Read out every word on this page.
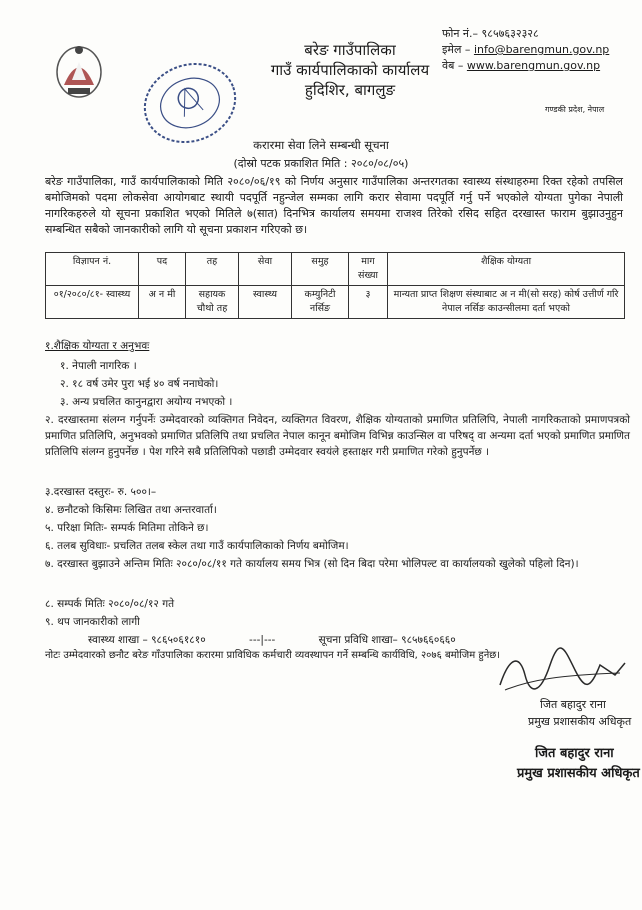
बरेङ गाउँपालिका
गाउँ कार्यपालिकाको कार्यालय
हुदिशिर, बागलुङ
फोन नं.– ९८५७६३२३२८
इमेल – info@barengmun.gov.np
वेब – www.barengmun.gov.np
गण्डकी प्रदेश, नेपाल
करारमा सेवा लिने सम्बन्धी सूचना
(दोस्रो पटक प्रकाशित मिति : २०८०/०८/०५)
बरेङ गाउँपालिका, गाउँ कार्यपालिकाको मिति २०८०/०६/१९ को निर्णय अनुसार गाउँपालिका अन्तरगतका स्वास्थ्य संस्थाहरुमा रिक्त रहेको तपसिल बमोजिमको पदमा लोकसेवा आयोगबाट स्थायी पदपूर्ति नहुन्जेल सम्मका लागि करार सेवामा पदपूर्ति गर्नु पर्ने भएकोले योग्यता पुगेका नेपाली नागरिकहरुले यो सूचना प्रकाशित भएको मितिले ७(सात) दिनभित्र कार्यालय समयमा राजश्व तिरेको रसिद सहित दरखास्त फाराम बुझाउनुहुन सम्बन्धित सबैको जानकारीको लागि यो सूचना प्रकाशन गरिएको छ।
विज्ञापन नं.	पद	तह	सेवा	समुह	माग संख्या	शैक्षिक योग्यता
०१/२०८०/८१- स्वास्थ्य	अ न मी	सहायक चौथो तह	स्वास्थ्य	कम्युनिटी नर्सिङ	३	मान्यता प्राप्त शिक्षण संस्थाबाट अ न मी(सो सरह) कोर्ष उत्तीर्ण गरि नेपाल नर्सिङ काउन्सीलमा दर्ता भएको
१.शैक्षिक योग्यता र अनुभवः
१. नेपाली नागरिक ।
२. १८ वर्ष उमेर पुरा भई ४० वर्ष ननाघेको।
३. अन्य प्रचलित कानुनद्वारा अयोग्य नभएको ।
२. दरखास्तमा संलग्न गर्नुपर्नेः उम्मेदवारको व्यक्तिगत निवेदन, व्यक्तिगत विवरण, शैक्षिक योग्यताको प्रमाणित प्रतिलिपि, नेपाली नागरिकताको प्रमाणपत्रको प्रमाणित प्रतिलिपि, अनुभवको प्रमाणित प्रतिलिपि तथा प्रचलित नेपाल कानून बमोजिम विभिन्न काउन्सिल वा परिषद् वा अन्यमा दर्ता भएको प्रमाणित प्रमाणित प्रतिलिपि संलग्न हुनुपर्नेछ । पेश गरिने सबै प्रतिलिपिको पछाडी उम्मेदवार स्वयंले हस्ताक्षर गरी प्रमाणित गरेको हुनुपर्नेछ ।
३.दरखास्त दस्तुरः- रु. ५००।–
४. छनौटको किसिमः लिखित तथा अन्तरवार्ता।
५. परिक्षा मितिः- सम्पर्क मितिमा तोकिने छ।
६. तलब सुविधाः- प्रचलित तलब स्केल तथा गाउँ कार्यपालिकाको निर्णय बमोजिम।
७. दरखास्त बुझाउने अन्तिम मितिः २०८०/०८/११ गते कार्यालय समय भित्र (सो दिन बिदा परेमा भोलिपल्ट वा कार्यालयको खुलेको पहिलो दिन)।
८. सम्पर्क मितिः २०८०/०८/१२ गते
९. थप जानकारीको लागी
स्वास्थ्य शाखा – ९८६५०६१८१०	---|---	सूचना प्रविधि शाखा– ९८५७६६०६६०
नोटः उम्मेदवारको छनौट बरेङ गाँउपालिका करारमा प्राविधिक कर्मचारी व्यवस्थापन गर्ने सम्बन्धि कार्यविधि, २०७६ बमोजिम हुनेछ।
जित बहादुर राना
प्रमुख प्रशासकीय अधिकृत
जित बहादुर राना
प्रमुख प्रशासकीय अधिकृत
